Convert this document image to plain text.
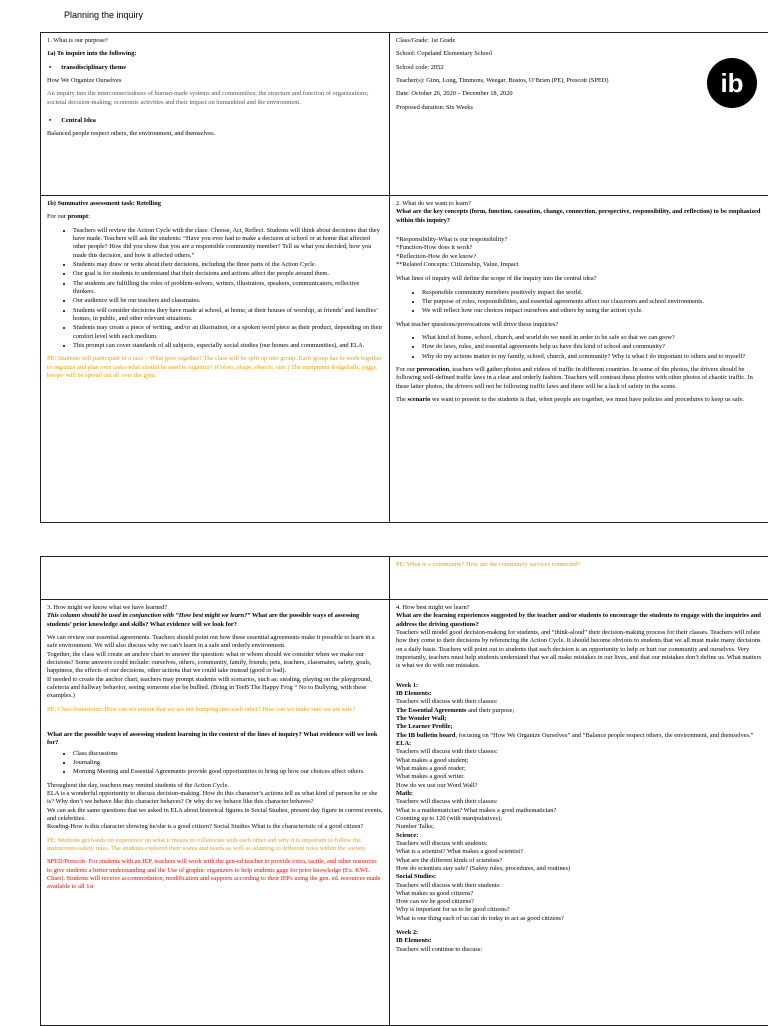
Planning the inquiry

1. What is our purpose?

1a) To inquire into the following:

• transdisciplinary theme

How We Organize Ourselves

An inquiry into the interconnectedness of human-made systems and communities; the structure and function of organizations; societal decision-making; economic activities and their impact on humankind and the environment.

• Central Idea

Balanced people respect others, the environment, and themselves.

Class/Grade: 1st Grade

School: Copeland Elementary School

School code: 2052

Teacher(s): Ginn, Long, Timmons, Weegar, Bustos, O’Brien (PE), Prescott (SPED)

Date: October 26, 2020 – December 18, 2020

Proposed duration: Six Weeks

ib

1b) Summative assessment task: Retelling

For our prompt:

• Teachers will review the Action Cycle with the class: Choose, Act, Reflect. Students will think about decisions that they have made. Teachers will ask the students: “Have you ever had to make a decision at school or at home that affected other people? How did you show that you are a responsible community member? Tell us what you decided, how you made this decision, and how it affected others.”
• Students may draw or write about their decisions, including the three parts of the Action Cycle.
• Our goal is for students to understand that their decisions and actions affect the people around them.
• The students are fulfilling the roles of problem-solvers, writers, illustrators, speakers, communicators, reflective thinkers.
• Our audience will be our teachers and classmates.
• Students will consider decisions they have made at school, at home, at their houses of worship, at friends’ and families’ homes, in public, and other relevant situations.
• Students may create a piece of writing, and/or an illustration, or a spoken word piece as their product, depending on their comfort level with each medium.
• This prompt can cover standards of all subjects, especially social studies (our homes and communities), and ELA.

PE: Students will participate in a race – What goes together? The class will be split up into group: Each group has to work together to organize and plan own tasks-what should be used to organize? (Colors, shape, objects, size.) The equipment dodgeballs, piggy, hoops- will be spread out all over the gym.

2. What do we want to learn?

What are the key concepts (form, function, causation, change, connection, perspective, responsibility, and reflection) to be emphasized within this inquiry?

*Responsibility-What is our responsibility?
*Function-How does it work?
*Reflection-How do we know?
**Related Concepts: Citizenship, Value, Impact

What lines of inquiry will define the scope of the inquiry into the central idea?

• Responsible community members positively impact the world.
• The purpose of roles, responsibilities, and essential agreements affect our classroom and school environments.
• We will reflect how our choices impact ourselves and others by using the action cycle.

What teacher questions/provocations will drive these inquiries?

• What kind of home, school, church, and world do we need in order to be safe so that we can grow?
• How do laws, rules, and essential agreements help us have this kind of school and community?
• Why do my actions matter to my family, school, church, and community? Why is what I do important to others and to myself?

For our provocation, teachers will gather photos and videos of traffic in different countries. In some of the photos, the drivers should be following well-defined traffic laws in a clear and orderly fashion. Teachers will contrast these photos with other photos of chaotic traffic. In these latter photos, the drivers will not be following traffic laws and there will be a lack of safety in the scene.

The scenario we want to present to the students is that, when people are together, we must have policies and procedures to keep us safe.

PE: What is a community? How are the community services connected?

3. How might we know what we have learned?

This column should be used in conjunction with “How best might we learn?” What are the possible ways of assessing students’ prior knowledge and skills? What evidence will we look for?

We can review our essential agreements. Teachers should point out how these essential agreements make it possible to learn in a safe environment. We will also discuss why we can’t learn in a safe and orderly environment.
Together, the class will create an anchor chart to answer the question: what or whom should we consider when we make our decisions? Some answers could include: ourselves, others, community, family, friends, pets, teachers, classmates, safety, goals, happiness, the effects of our decisions, other actions that we could take instead (good or bad).

If needed to create the anchor chart, teachers may prompt students with scenarios, such as: stealing, playing on the playground, cafeteria and hallway behavior, seeing someone else be bullied. (Bring in TeeB The Happy Frog “ No to Bullying, with these examples.)

PE: Class brainstorm: How can we ensure that we are not bumping into each other? How can we make sure we are safe?

What are the possible ways of assessing student learning in the context of the lines of inquiry? What evidence will we look for?

• Class discussions
• Journaling
• Morning Meeting and Essential Agreements provide good opportunities to bring up how our choices affect others.
Throughout the day, teachers may remind students of the Action Cycle.
ELA is a wonderful opportunity to discuss decision-making. How do this character’s actions tell us what kind of person he or she is? Why don’t we behave like this character behaves? Or why do we behave like this character behaves?
We can ask the same questions that we asked in ELA about historical figures in Social Studies, present day figure in current events, and celebrities.

Reading-How is this character showing he/she is a good citizen? Social Studies What is the characteristic of a good citizen?

PE: Students get hands on experience on what it means to collaborate with each other and why it is important to follow the instructions/safety rules. The students explored their wants and needs as well as adapting to different roles within the society.

SPED/Prescott- For students with an IEP, teachers will work with the gen-ed teacher to provide extra, tactile, and other resources to give students a better understanding and the Use of graphic organizers to help students gage for prior knowledge (Ex. KWL Chart). Students will receive accommodation, modification and supports according to their IEPs using the gen. ed. resources made available to all 1st

4. How best might we learn?

What are the learning experiences suggested by the teacher and/or students to encourage the students to engage with the inquiries and address the driving questions?

Teachers will model good decision-making for students, and “think-aloud” their decision-making process for their classes. Teachers will relate how they come to their decisions by referencing the Action Cycle. It should become obvious to students that we all must make many decisions on a daily basis. Teachers will point out to students that each decision is an opportunity to help or hurt our community and ourselves. Very importantly, teachers must help students understand that we all make mistakes in our lives, and that our mistakes don’t define us. What matters is what we do with our mistakes.

Week 1:
IB Elements:
Teachers will discuss with their classes:
The Essential Agreements and their purpose;
The Wonder Wall;
The Learner Profile;
The IB bulletin board, focusing on “How We Organize Ourselves” and “Balance people respect others, the environment, and themselves.”
ELA:
Teachers will discuss with their classes:
What makes a good student;
What makes a good reader;
What makes a good writer.
How do we use our Word Wall?
Math:
Teachers will discuss with their classes:
What is a mathematician? What makes a good mathematician?
Counting up to 120 (with manipulatives);
Number Talks;
Science:
Teachers will discuss with students:
What is a scientist? What makes a good scientist?
What are the different kinds of scientists?
How do scientists stay safe? (Safety rules, procedures, and routines)
Social Studies:
Teachers will discuss with their students:
What makes us good citizens?
How can we be good citizens?
Why is important for us to be good citizens?
What is one thing each of us can do today to act as good citizens?
Week 2:
IB Elements:
Teachers will continue to discuss:
